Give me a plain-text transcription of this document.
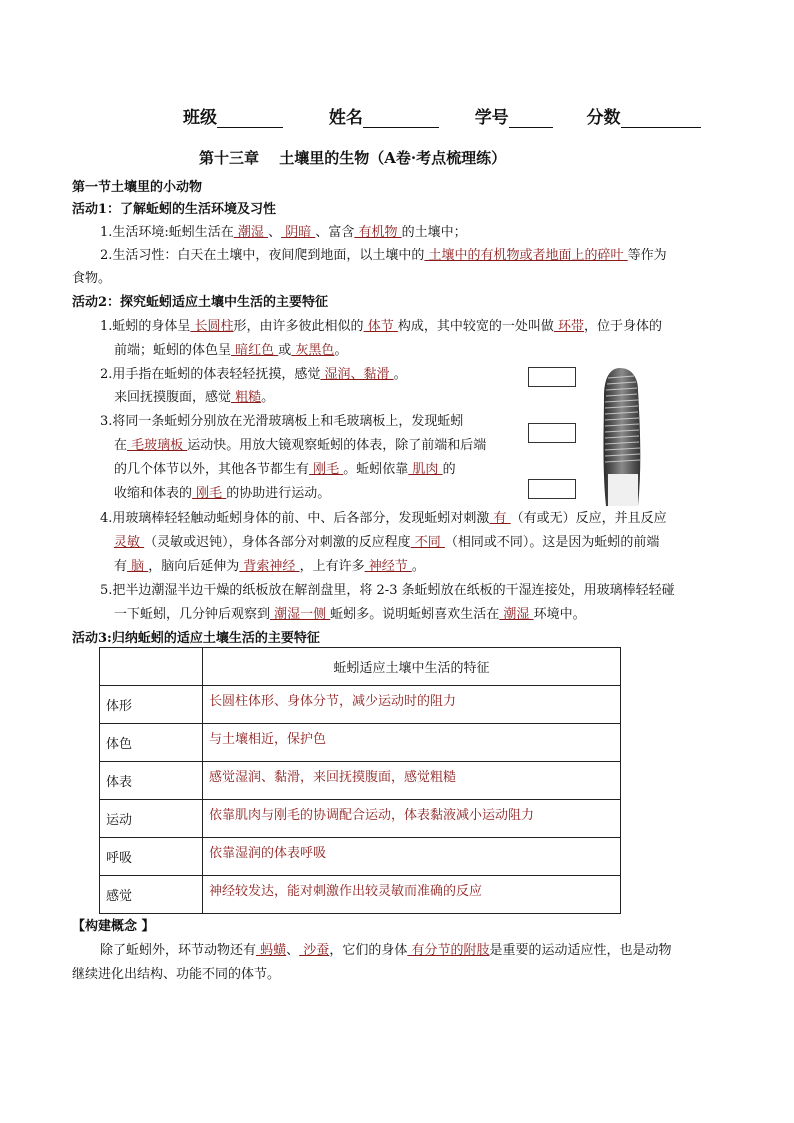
班级	姓名	学号	分数
第十三章　 土壤里的生物（A卷·考点梳理练）
第一节土壤里的小动物
活动1：了解蚯蚓的生活环境及习性
1.生活环境:蚯蚓生活在 潮湿 、 阴暗 、富含 有机物 的土壤中；
2.生活习性：白天在土壤中，夜间爬到地面，以土壤中的 土壤中的有机物或者地面上的碎叶 等作为
食物。
活动2：探究蚯蚓适应土壤中生活的主要特征
1.蚯蚓的身体呈 长圆柱形，由许多彼此相似的 体节 构成，其中较宽的一处叫做 环带，位于身体的
前端；蚯蚓的体色呈 暗红色 或 灰黑色。
2.用手指在蚯蚓的体表轻轻抚摸，感觉 湿润、黏滑 。
来回抚摸腹面，感觉 粗糙。
3.将同一条蚯蚓分别放在光滑玻璃板上和毛玻璃板上，发现蚯蚓
在 毛玻璃板 运动快。用放大镜观察蚯蚓的体表，除了前端和后端
的几个体节以外，其他各节都生有 刚毛 。蚯蚓依靠 肌肉 的
收缩和体表的 刚毛 的协助进行运动。
4.用玻璃棒轻轻触动蚯蚓身体的前、中、后各部分，发现蚯蚓对刺激 有 （有或无）反应，并且反应
灵敏 （灵敏或迟钝），身体各部分对刺激的反应程度 不同 （相同或不同）。这是因为蚯蚓的前端
有 脑 ，脑向后延伸为 背索神经 ，上有许多 神经节 。
5.把半边潮湿半边干燥的纸板放在解剖盘里，将 2-3 条蚯蚓放在纸板的干湿连接处，用玻璃棒轻轻碰
一下蚯蚓，几分钟后观察到 潮湿一侧 蚯蚓多。说明蚯蚓喜欢生活在 潮湿 环境中。
活动3:归纳蚯蚓的适应土壤生活的主要特征
	蚯蚓适应土壤中生活的特征
体形	长圆柱体形、身体分节，减少运动时的阻力
体色	与土壤相近，保护色
体表	感觉湿润、黏滑，来回抚摸腹面，感觉粗糙
运动	依靠肌肉与刚毛的协调配合运动，体表黏液减小运动阻力
呼吸	依靠湿润的体表呼吸
感觉	神经较发达，能对刺激作出较灵敏而准确的反应
【构建概念 】
除了蚯蚓外，环节动物还有 蚂蟥、 沙蚕，它们的身体 有分节的附肢是重要的运动适应性，也是动物
继续进化出结构、功能不同的体节。
